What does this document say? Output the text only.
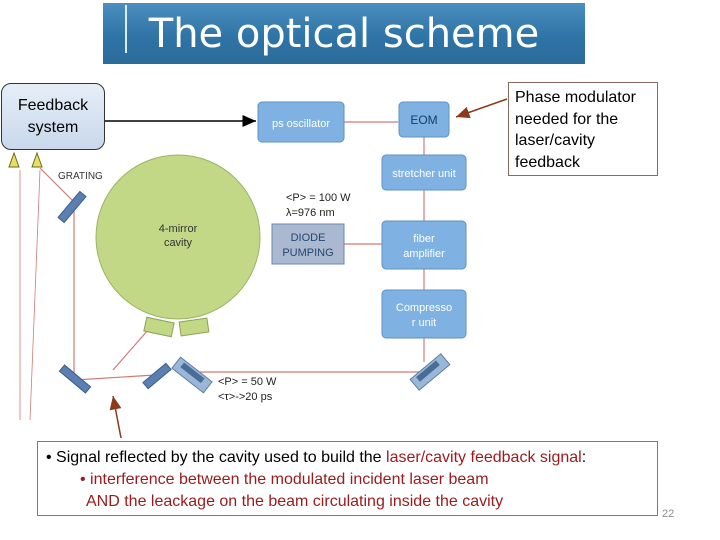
The optical scheme
ps oscillator	EOM
stretcher unit
fiber
amplifier
Compresso
r unit
DIODE
PUMPING
<P> = 100 W
λ=976 nm
<P> = 50 W
<τ>->20 ps
GRATING
4-mirror
cavity
Feedback
system
Phase modulator
needed for the
laser/cavity
feedback
• Signal reflected by the cavity used to build the laser/cavity feedback signal:
• interference between the modulated incident laser beam
AND the leackage on the beam circulating inside the cavity
22
